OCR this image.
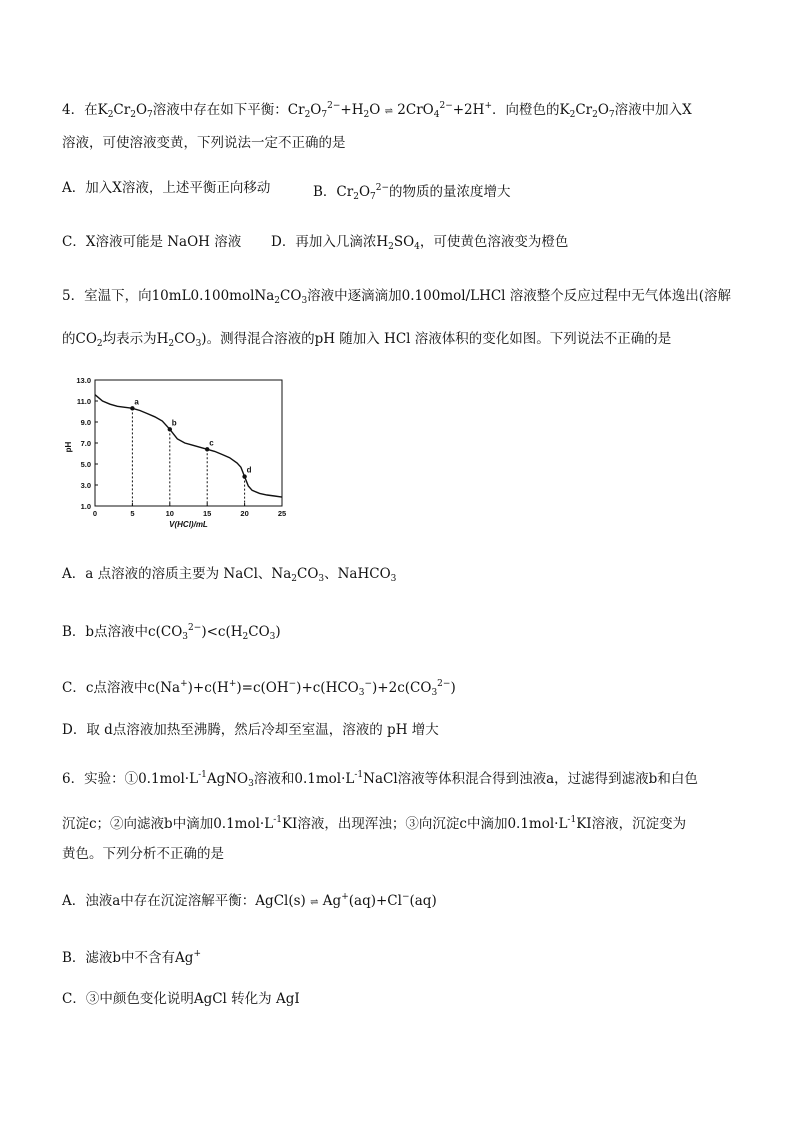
4．在$K_2Cr_2O_7$溶液中存在如下平衡：$Cr_2O_7^{2-}+H_2O$ ⇌ 2CrO$_4^{2-}$+2H+．向橙色的$K_2Cr_2O_7$溶液中加入X
溶液，可使溶液变黄，下列说法一定不正确的是
A．加入X溶液，上述平衡正向移动	B．$Cr_2O_7^{2-}$的物质的量浓度增大
C．X溶液可能是 NaOH 溶液 D．再加入几滴浓$H_2SO_4$，可使黄色溶液变为橙色
5．室温下，向$10mL0.100molNa_2CO_3$溶液中逐滴滴加0.100mol/LHCl 溶液整个反应过程中无气体逸出(溶解
的$CO_2$均表示为$H_2CO_3$)。测得混合溶液的pH 随加入 HCl 溶液体积的变化如图。下列说法不正确的是
a
b
c
d
0	5	10	15	20	25
1.0
3.0
5.0
7.0
9.0
11.0
13.0
pH
V(HCl)/mL
A．a 点溶液的溶质主要为 NaCl、$Na_2CO_3$、NaHCO$_3$
B．b点溶液中$c(CO_3^{2-})<c(H_2CO_3)$
C．c点溶液中$c(Na^+)+c(H^+)=c(OH^-)+c(HCO_3^-)+2c(CO_3^{2-})$
D．取 d点溶液加热至沸腾，然后冷却至室温，溶液的 pH 增大
6．实验：$①0.1mol\cdot L^{-1}AgNO_3$溶液和$0.1mol\cdot L^{-1}NaCl$溶液等体积混合得到浊液a，过滤得到滤液b和白色
沉淀c；②向滤液b中滴加$0.1mol\cdot L^{-1}KI$溶液，出现浑浊；③向沉淀c中滴加$0.1mol\cdot L^{-1}KI$溶液，沉淀变为
黄色。下列分析不正确的是
A．浊液a中存在沉淀溶解平衡：AgCl(s) ⇌ Ag+(aq)+Cl−(aq)
B．滤液b中不含有Ag+
C．③中颜色变化说明AgCl 转化为 AgI
